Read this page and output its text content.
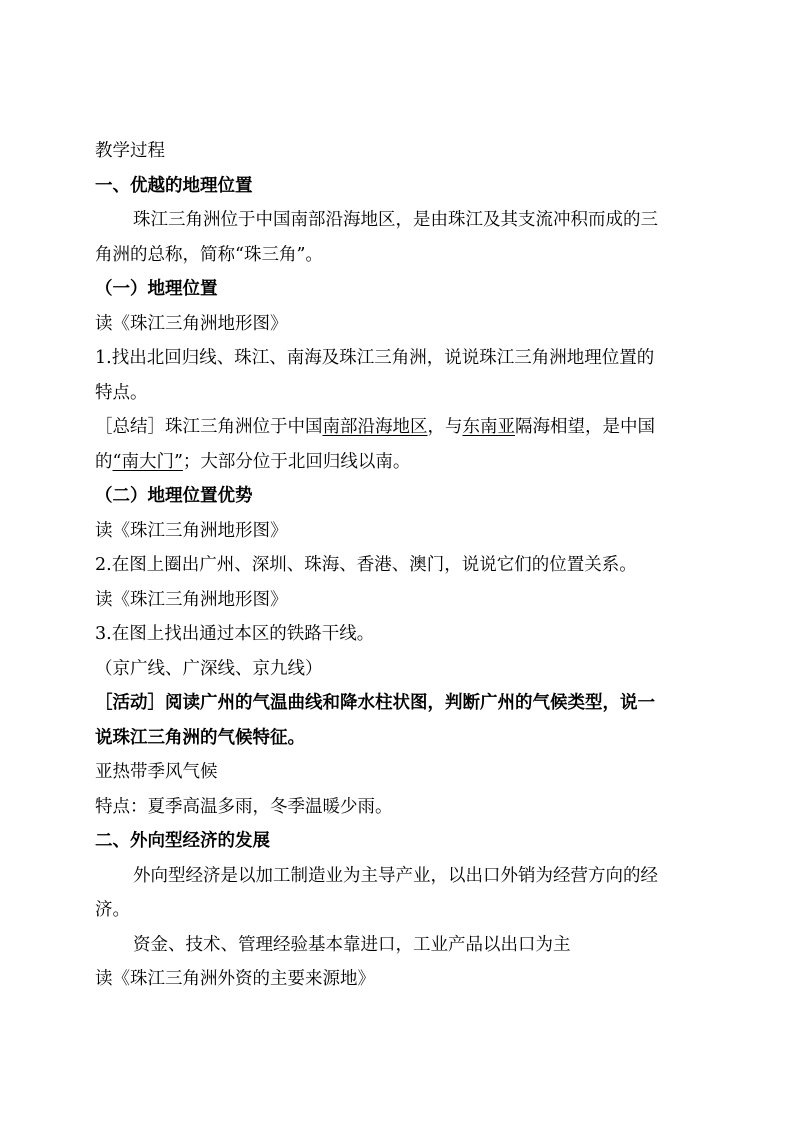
教学过程
一、优越的地理位置
珠江三角洲位于中国南部沿海地区，是由珠江及其支流冲积而成的三
角洲的总称，简称“珠三角”。
（一）地理位置
读《珠江三角洲地形图》
1.找出北回归线、珠江、南海及珠江三角洲，说说珠江三角洲地理位置的
特点。
［总结］珠江三角洲位于中国南部沿海地区，与东南亚隔海相望，是中国
的“南大门”；大部分位于北回归线以南。
（二）地理位置优势
读《珠江三角洲地形图》
2.在图上圈出广州、深圳、珠海、香港、澳门，说说它们的位置关系。
读《珠江三角洲地形图》
3.在图上找出通过本区的铁路干线。
（京广线、广深线、京九线）
［活动］阅读广州的气温曲线和降水柱状图，判断广州的气候类型，说一
说珠江三角洲的气候特征。
亚热带季风气候
特点：夏季高温多雨，冬季温暖少雨。
二、外向型经济的发展
外向型经济是以加工制造业为主导产业，以出口外销为经营方向的经
济。
资金、技术、管理经验基本靠进口，工业产品以出口为主
读《珠江三角洲外资的主要来源地》
